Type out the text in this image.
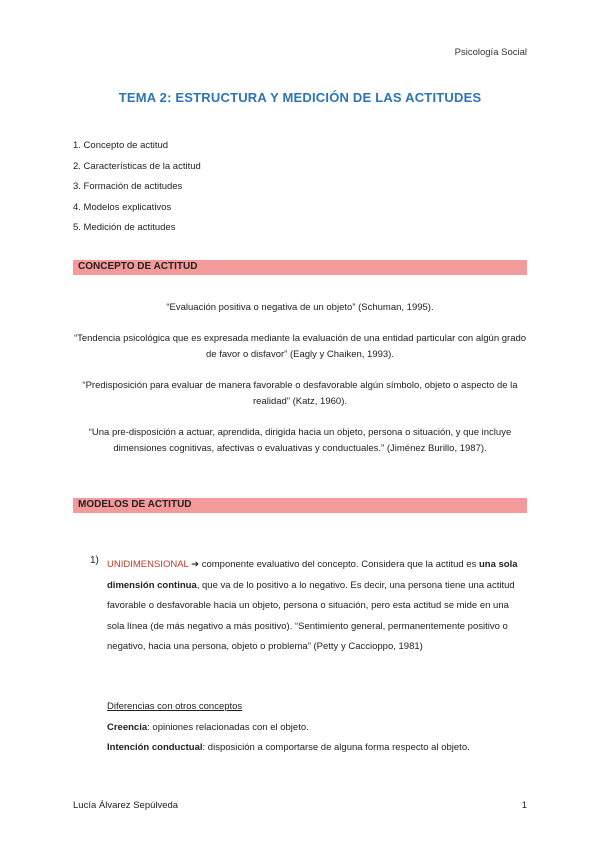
Psicología Social
TEMA 2: ESTRUCTURA Y MEDICIÓN DE LAS ACTITUDES
1. Concepto de actitud
2. Características de la actitud
3. Formación de actitudes
4. Modelos explicativos
5. Medición de actitudes
CONCEPTO DE ACTITUD

“Evaluación positiva o negativa de un objeto” (Schuman, 1995).

“Tendencia psicológica que es expresada mediante la evaluación de una entidad particular con algún grado de favor o disfavor” (Eagly y Chaiken, 1993).

“Predisposición para evaluar de manera favorable o desfavorable algún símbolo, objeto o aspecto de la realidad” (Katz, 1960).

“Una pre-disposición a actuar, aprendida, dirigida hacia un objeto, persona o situación, y que incluye dimensiones cognitivas, afectivas o evaluativas y conductuales.” (Jiménez Burillo, 1987).

MODELOS DE ACTITUD
1) UNIDIMENSIONAL ➔ componente evaluativo del concepto. Considera que la actitud es una sola dimensión continua, que va de lo positivo a lo negativo. Es decir, una persona tiene una actitud favorable o desfavorable hacia un objeto, persona o situación, pero esta actitud se mide en una sola línea (de más negativo a más positivo). “Sentimiento general, permanentemente positivo o negativo, hacia una persona, objeto o problema” (Petty y Caccioppo, 1981)
Diferencias con otros conceptos
Creencia: opiniones relacionadas con el objeto.
Intención conductual: disposición a comportarse de alguna forma respecto al objeto.
Lucía Álvarez Sepúlveda	1
